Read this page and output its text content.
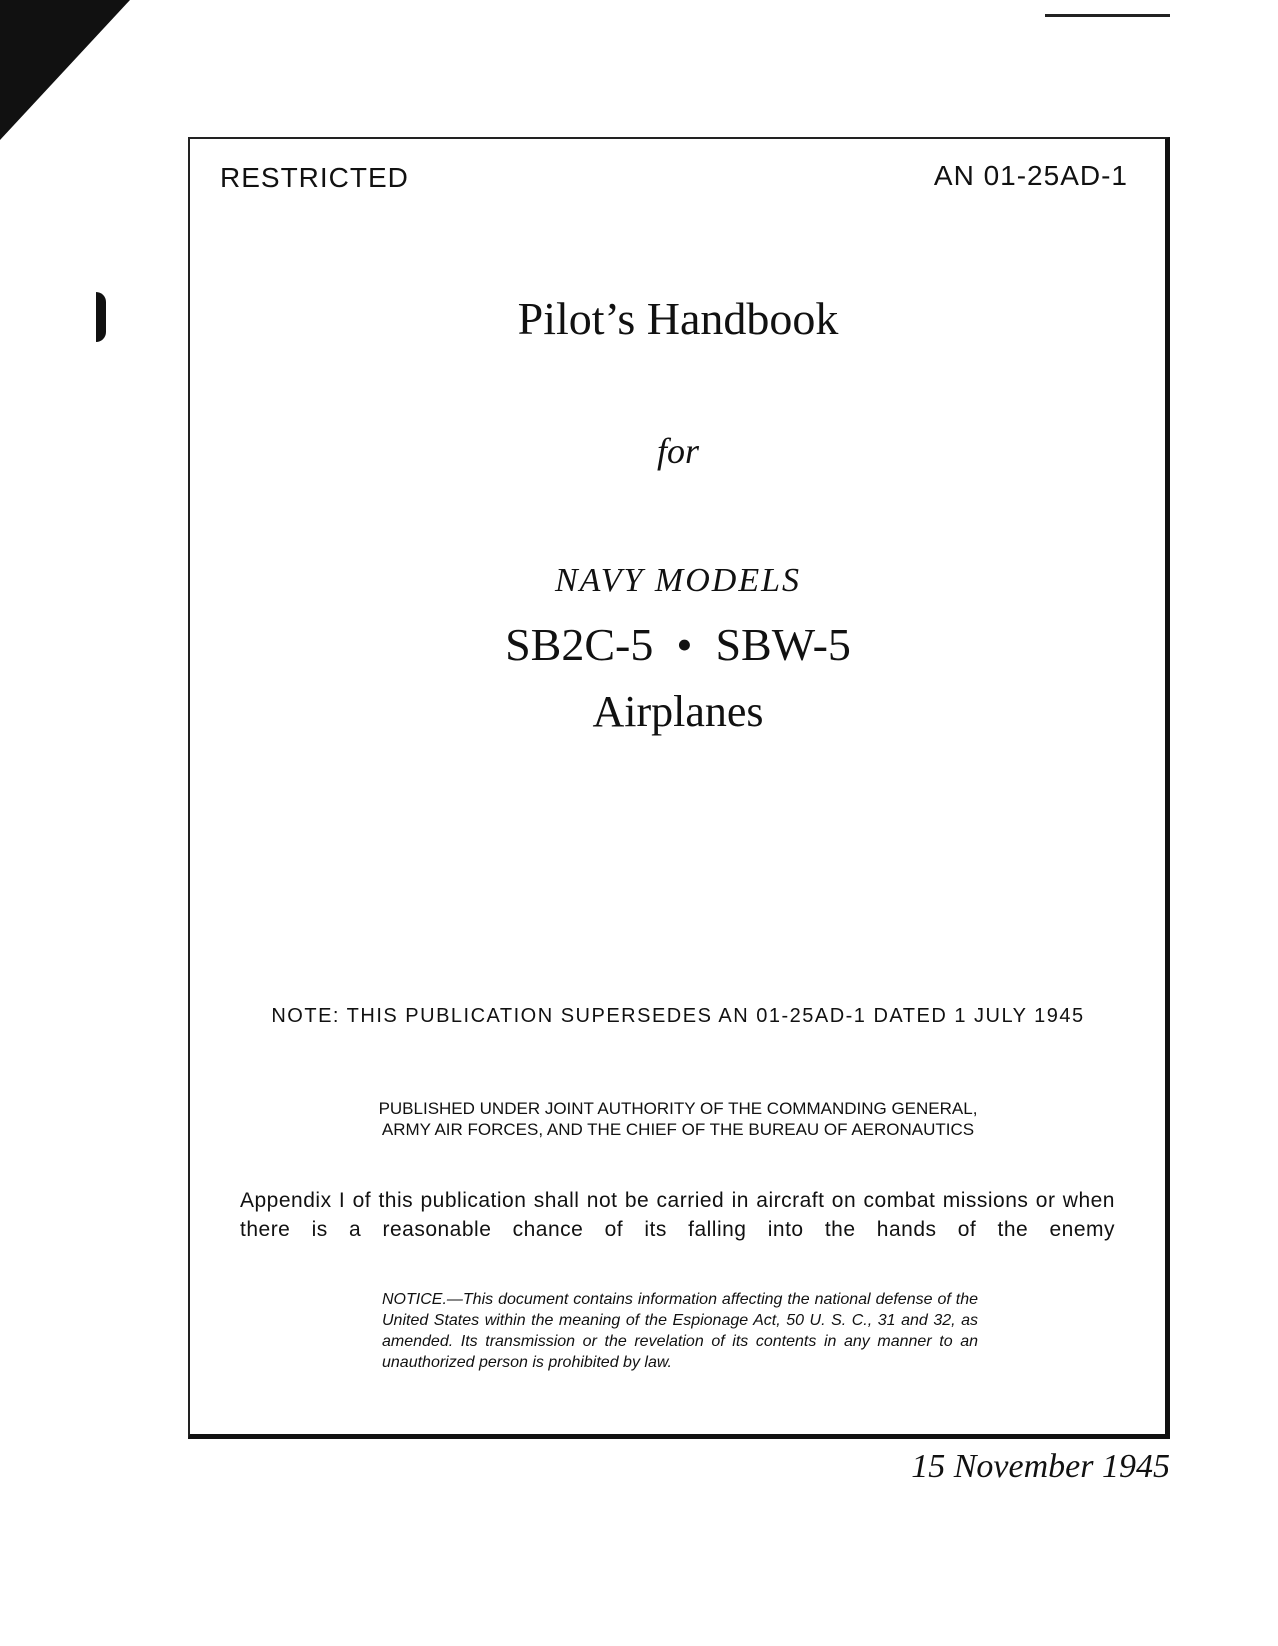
RESTRICTED	AN 01-25AD-1
Pilot’s Handbook
for
NAVY MODELS
SB2C-5  •  SBW-5
Airplanes
NOTE: THIS PUBLICATION SUPERSEDES AN 01-25AD-1 DATED 1 JULY 1945
PUBLISHED UNDER JOINT AUTHORITY OF THE COMMANDING GENERAL,
ARMY AIR FORCES, AND THE CHIEF OF THE BUREAU OF AERONAUTICS
Appendix I of this publication shall not be carried in aircraft on combat missions or when there is a reasonable chance of its falling into the hands of the enemy
NOTICE.—This document contains information affecting the national defense of the United States within the meaning of the Espionage Act, 50 U. S. C., 31 and 32, as amended. Its transmission or the revelation of its contents in any manner to an unauthorized person is prohibited by law.
15 November 1945
